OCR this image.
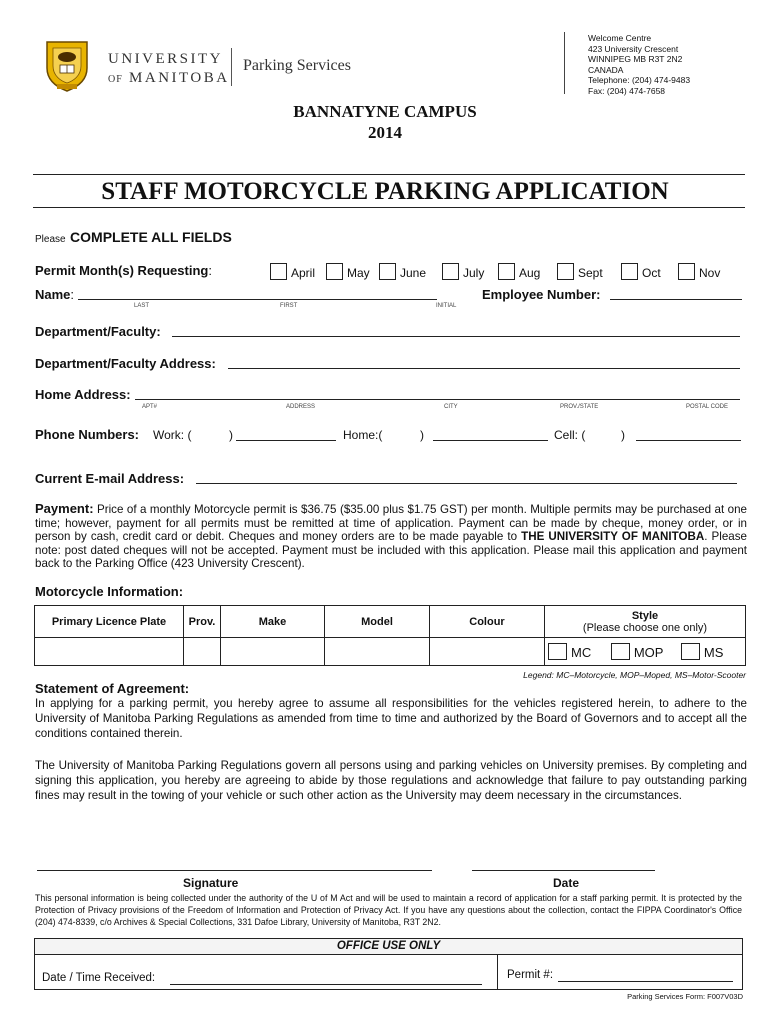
UNIVERSITY
OF MANITOBA
Parking Services
Welcome Centre
423 University Crescent
WINNIPEG MB R3T 2N2
CANADA
Telephone: (204) 474-9483
Fax: (204) 474-7658
BANNATYNE CAMPUS
2014
STAFF MOTORCYCLE PARKING APPLICATION
Please COMPLETE ALL FIELDS
Permit Month(s) Requesting:	April	May	June	July	Aug	Sept	Oct	Nov
Name:
LAST	FIRST	INITIAL
Employee Number:
Department/Faculty:
Department/Faculty Address:
Home Address:
APT#	ADDRESS	CITY	PROV./STATE	POSTAL CODE
Phone Numbers: Work: (	)	Home:(	)	Cell: (	)
Current E-mail Address:
Payment: Price of a monthly Motorcycle permit is $36.75 ($35.00 plus $1.75 GST) per month. Multiple permits may be purchased at one time; however, payment for all permits must be remitted at time of application. Payment can be made by cheque, money order, or in person by cash, credit card or debit. Cheques and money orders are to be made payable to THE UNIVERSITY OF MANITOBA. Please note: post dated cheques will not be accepted. Payment must be included with this application. Please mail this application and payment back to the Parking Office (423 University Crescent).
Motorcycle Information:
Primary Licence Plate	Prov.	Make	Model	Colour	Style
(Please choose one only)

					MC MOP MS
Legend: MC–Motorcycle, MOP–Moped, MS–Motor-Scooter
Statement of Agreement:
In applying for a parking permit, you hereby agree to assume all responsibilities for the vehicles registered herein, to adhere to the University of Manitoba Parking Regulations as amended from time to time and authorized by the Board of Governors and to accept all the conditions contained therein.
The University of Manitoba Parking Regulations govern all persons using and parking vehicles on University premises. By completing and signing this application, you hereby are agreeing to abide by those regulations and acknowledge that failure to pay outstanding parking fines may result in the towing of your vehicle or such other action as the University may deem necessary in the circumstances.
Signature	Date
This personal information is being collected under the authority of the U of M Act and will be used to maintain a record of application for a staff parking permit. It is protected by the Protection of Privacy provisions of the Freedom of Information and Protection of Privacy Act. If you have any questions about the collection, contact the FIPPA Coordinator's Office (204) 474-8339, c/o Archives & Special Collections, 331 Dafoe Library, University of Manitoba, R3T 2N2.
OFFICE USE ONLY
Date / Time Received:	Permit #:
Parking Services Form: F007V03D
